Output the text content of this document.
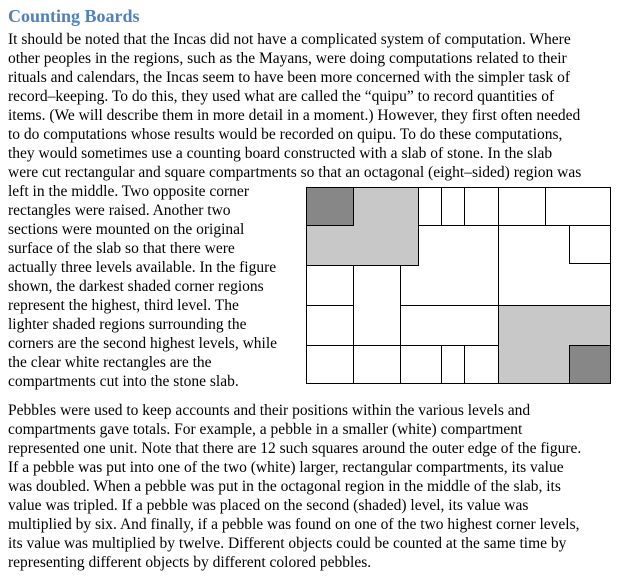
Counting Boards
It should be noted that the Incas did not have a complicated system of computation. Where
other peoples in the regions, such as the Mayans, were doing computations related to their
rituals and calendars, the Incas seem to have been more concerned with the simpler task of
record–keeping. To do this, they used what are called the “quipu” to record quantities of
items. (We will describe them in more detail in a moment.) However, they first often needed
to do computations whose results would be recorded on quipu. To do these computations,
they would sometimes use a counting board constructed with a slab of stone. In the slab
were cut rectangular and square compartments so that an octagonal (eight–sided) region was
left in the middle. Two opposite corner
rectangles were raised. Another two
sections were mounted on the original
surface of the slab so that there were
actually three levels available. In the figure
shown, the darkest shaded corner regions
represent the highest, third level. The
lighter shaded regions surrounding the
corners are the second highest levels, while
the clear white rectangles are the
compartments cut into the stone slab.
Pebbles were used to keep accounts and their positions within the various levels and
compartments gave totals. For example, a pebble in a smaller (white) compartment
represented one unit. Note that there are 12 such squares around the outer edge of the figure.
If a pebble was put into one of the two (white) larger, rectangular compartments, its value
was doubled. When a pebble was put in the octagonal region in the middle of the slab, its
value was tripled. If a pebble was placed on the second (shaded) level, its value was
multiplied by six. And finally, if a pebble was found on one of the two highest corner levels,
its value was multiplied by twelve. Different objects could be counted at the same time by
representing different objects by different colored pebbles.
